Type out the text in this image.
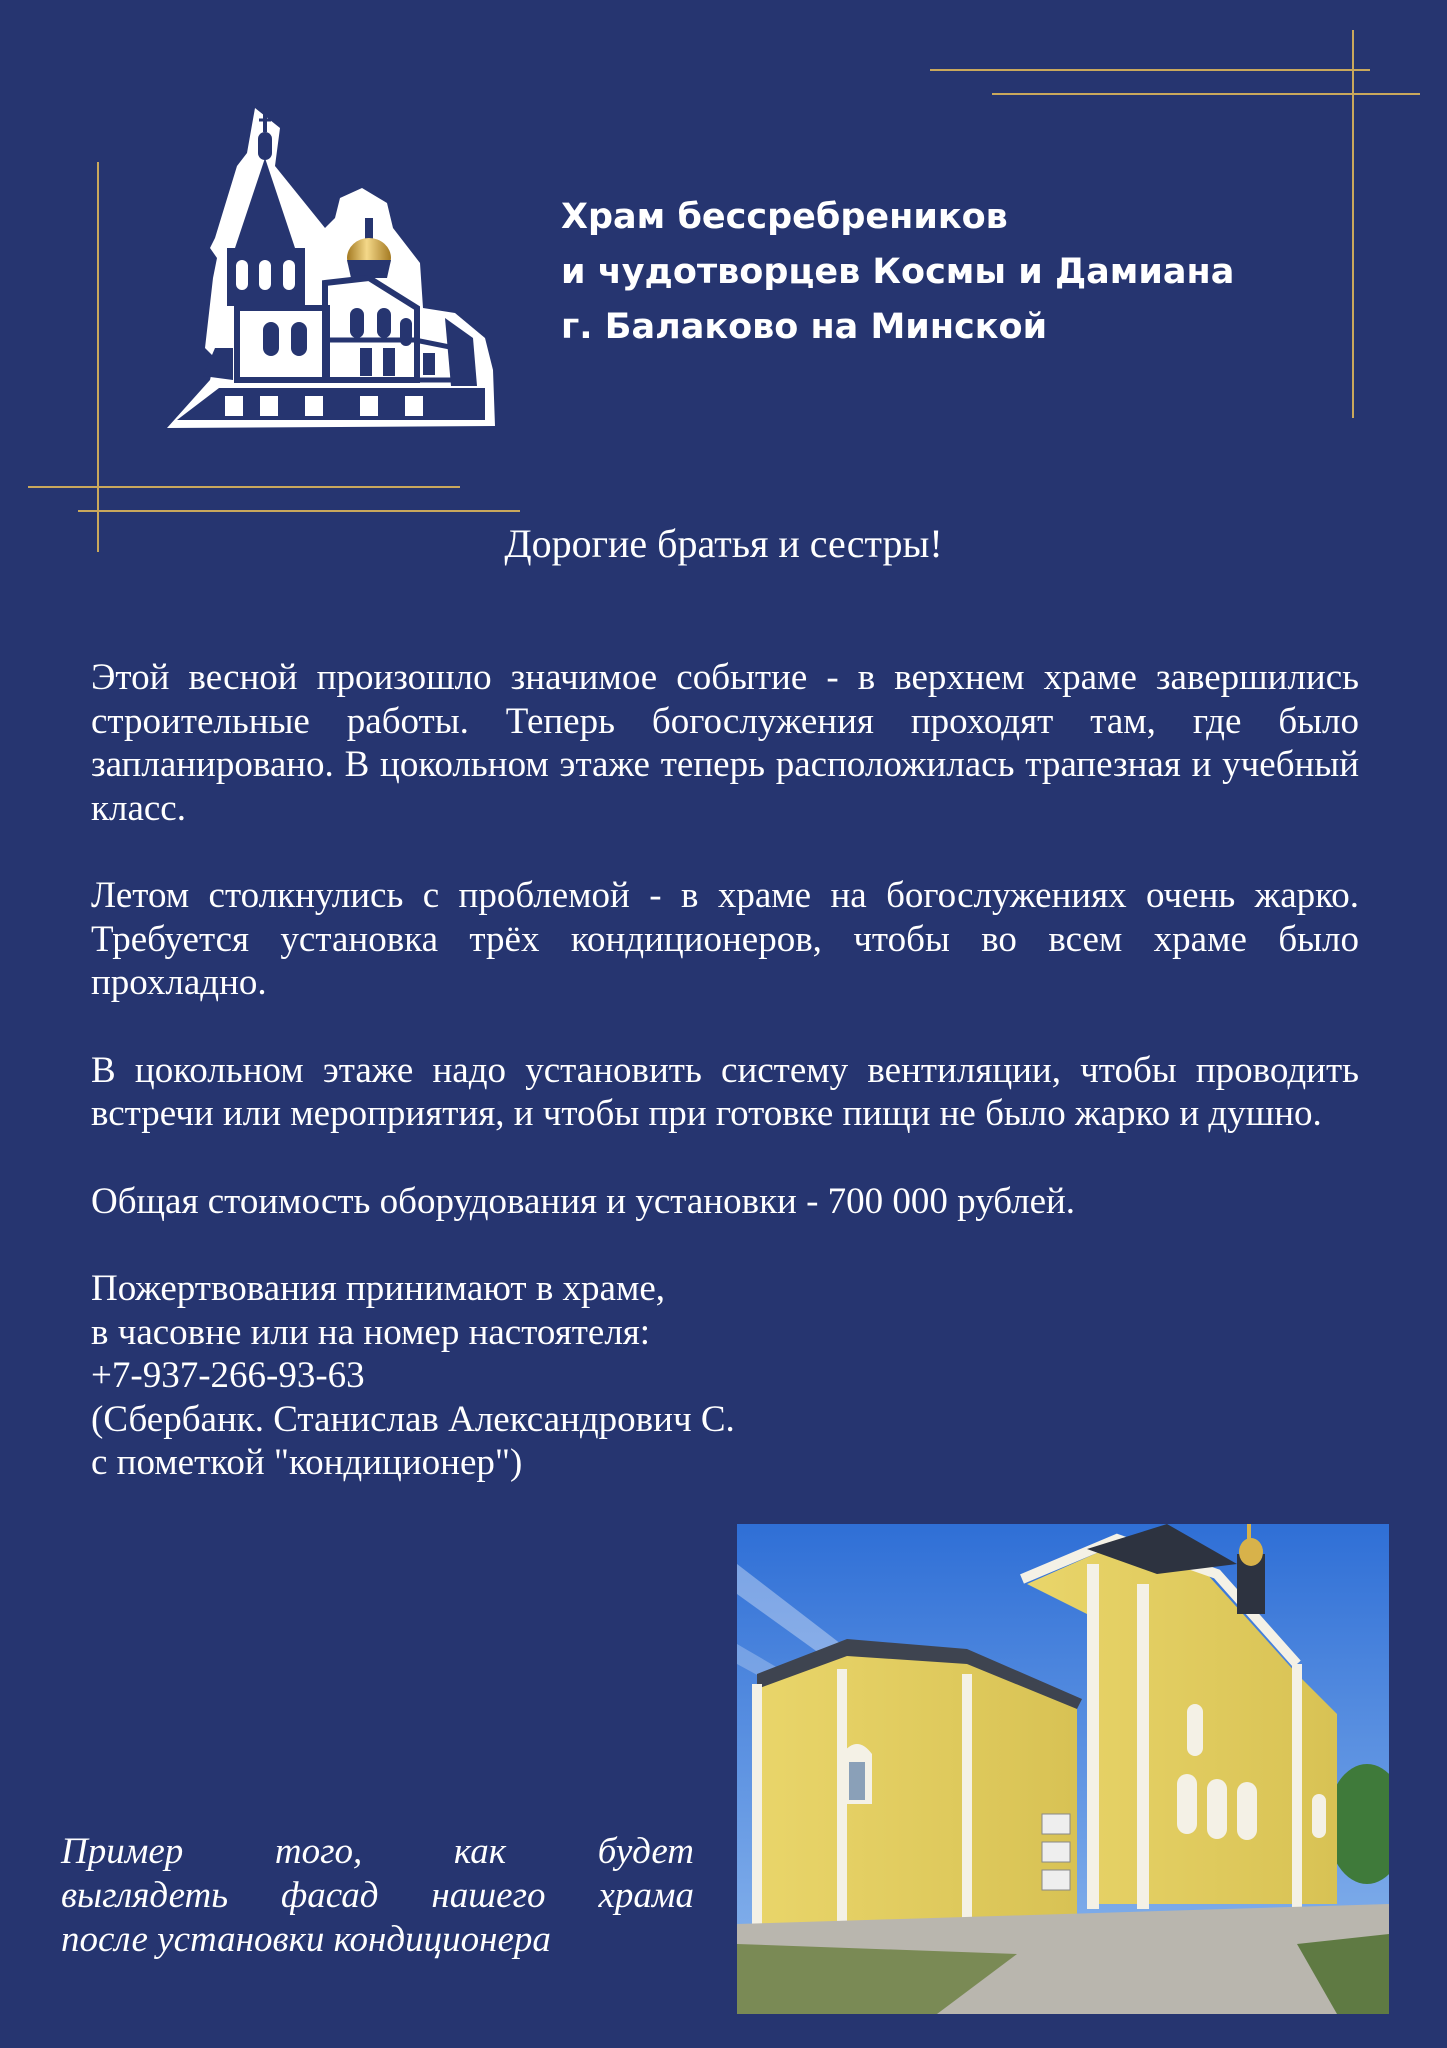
Храм бессребреников
и чудотворцев Космы и Дамиана
г. Балаково на Минской

Дорогие братья и сестры!

Этой весной произошло значимое событие - в верхнем храме завершились строительные работы. Теперь богослужения проходят там, где было запланировано. В цокольном этаже теперь расположилась трапезная и учебный класс.

Летом столкнулись с проблемой - в храме на богослужениях очень жарко. Требуется установка трёх кондиционеров, чтобы во всем храме было прохладно.

В цокольном этаже надо установить систему вентиляции, чтобы проводить встречи или мероприятия, и чтобы при готовке пищи не было жарко и душно.

Общая стоимость оборудования и установки - 700 000 рублей.

Пожертвования принимают в храме,
в часовне или на номер настоятеля:
+7-937-266-93-63
(Сбербанк. Станислав Александрович С.
с пометкой "кондиционер")
Пример того, как будет
выглядеть фасад нашего храма
после установки кондиционера
